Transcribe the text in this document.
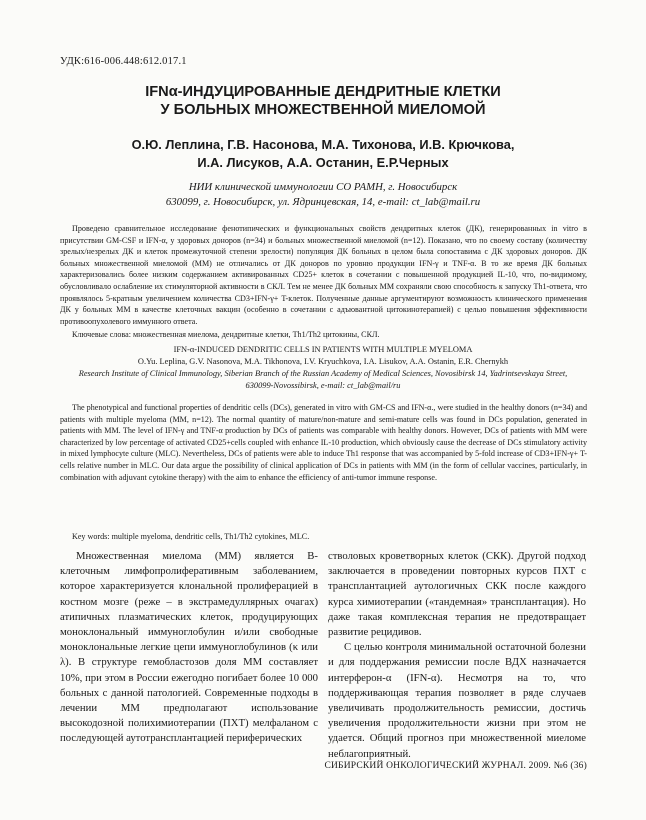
УДК:616-006.448:612.017.1
IFNα-ИНДУЦИРОВАННЫЕ ДЕНДРИТНЫЕ КЛЕТКИ
У БОЛЬНЫХ МНОЖЕСТВЕННОЙ МИЕЛОМОЙ
О.Ю. Леплина, Г.В. Насонова, М.А. Тихонова, И.В. Крючкова,
И.А. Лисуков, А.А. Останин, Е.Р.Черных
НИИ клинической иммунологии СО РАМН, г. Новосибирск
630099, г. Новосибирск, ул. Ядринцевская, 14, e-mail: ct_lab@mail.ru

Проведено сравнительное исследование фенотипических и функциональных свойств дендритных клеток (ДК), генерированных in vitro в присутствии GM-CSF и IFN-α, у здоровых доноров (n=34) и больных множественной миеломой (n=12). Показано, что по своему составу (количеству зрелых/незрелых ДК и клеток промежуточной степени зрелости) популяция ДК больных в целом была сопоставима с ДК здоровых доноров. ДК больных множественной миеломой (ММ) не отличались от ДК доноров по уровню продукции IFN-γ и TNF-α. В то же время ДК больных характеризовались более низким содержанием активированных CD25+ клеток в сочетании с повышенной продукцией IL-10, что, по-видимому, обусловливало ослабление их стимуляторной активности в СКЛ. Тем не менее ДК больных ММ сохраняли свою способность к запуску Th1-ответа, что проявлялось 5-кратным увеличением количества CD3+IFN-γ+ T-клеток. Полученные данные аргументируют возможность клинического применения ДК у больных ММ в качестве клеточных вакцин (особенно в сочетании с адъювантной цитокинотерапией) с целью повышения эффективности противоопухолевого иммунного ответа.

Ключевые слова: множественная миелома, дендритные клетки, Th1/Th2 цитокины, СКЛ.

IFN-α-INDUCED DENDRITIC CELLS IN PATIENTS WITH MULTIPLE MYELOMA
O.Yu. Leplina, G.V. Nasonova, M.A. Tikhonova, I.V. Kryuchkova, I.A. Lisukov, A.A. Ostanin, E.R. Chernykh
Research Institute of Clinical Immunology, Siberian Branch of the Russian Academy of Medical Sciences, Novosibirsk 14, Yadrintsevskaya Street, 630099-Novossibirsk, e-mail: ct_lab@mail/ru

The phenotypical and functional properties of dendritic cells (DCs), generated in vitro with GM-CS and IFN-α., were studied in the healthy donors (n=34) and patients with multiple myeloma (MM, n=12). The normal quantity of mature/non-mature and semi-mature cells was found in DCs population, generated in patients with MM. The level of IFN-γ and TNF-α production by DCs of patients was comparable with healthy donors. However, DCs of patients with MM were characterized by low percentage of activated CD25+cells coupled with enhance IL-10 production, which obviously cause the decrease of DCs stimulatory activity in mixed lymphocyte culture (MLC). Nevertheless, DCs of patients were able to induce Th1 response that was accompanied by 5-fold increase of CD3+IFN-γ+ T-cells relative number in MLC. Our data argue the possibility of clinical application of DCs in patients with MM (in the form of cellular vaccines, particularly, in combination with adjuvant cytokine therapy) with the aim to enhance the efficiency of anti-tumor immune response.

Key words: multiple myeloma, dendritic cells, Th1/Th2 cytokines, MLC.

Множественная миелома (ММ) является В-клеточным лимфопролиферативным заболеванием, которое характеризуется клональной пролиферацией в костном мозге (реже – в экстрамедуллярных очагах) атипичных плазматических клеток, продуцирующих моноклональный иммуноглобулин и/или свободные моноклональные легкие цепи иммуноглобулинов (κ или λ). В структуре гемобластозов доля ММ составляет 10%, при этом в России ежегодно погибает более 10 000 больных с данной патологией. Современные подходы в лечении ММ предполагают использование высокодозной полихимиотерапии (ПХТ) мелфаланом с последующей аутотрансплантацией периферических

стволовых кроветворных клеток (СКК). Другой подход заключается в проведении повторных курсов ПХТ с трансплантацией аутологичных СКК после каждого курса химиотерапии («тандемная» трансплантация). Но даже такая комплексная терапия не предотвращает развитие рецидивов.

С целью контроля минимальной остаточной болезни и для поддержания ремиссии после ВДХ назначается интерферон-α (IFN-α). Несмотря на то, что поддерживающая терапия позволяет в ряде случаев увеличивать продолжительность ремиссии, достичь увеличения продолжительности жизни при этом не удается. Общий прогноз при множественной миеломе неблагоприятный.

СИБИРСКИЙ ОНКОЛОГИЧЕСКИЙ ЖУРНАЛ. 2009. №6 (36)
